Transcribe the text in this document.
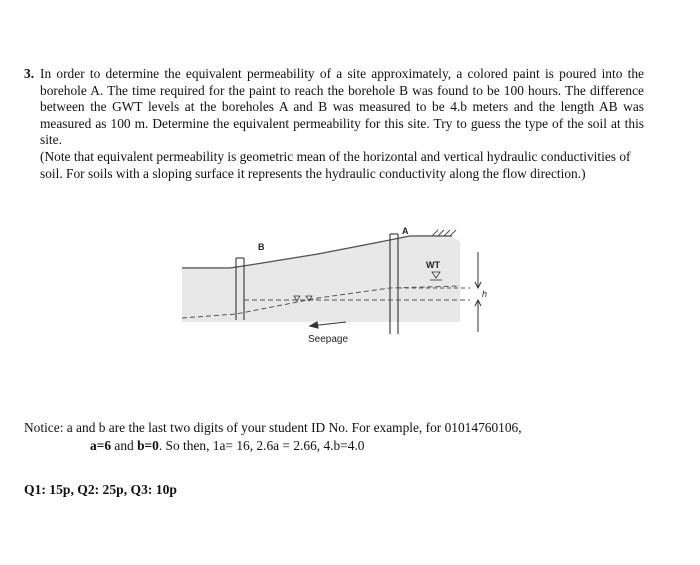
3. In order to determine the equivalent permeability of a site approximately, a colored paint is poured into the borehole A. The time required for the paint to reach the borehole B was found to be 100 hours. The difference between the GWT levels at the boreholes A and B was measured to be 4.b meters and the length AB was measured as 100 m. Determine the equivalent permeability for this site. Try to guess the type of the soil at this site.
(Note that equivalent permeability is geometric mean of the horizontal and vertical hydraulic conductivities of soil. For soils with a sloping surface it represents the hydraulic conductivity along the flow direction.)
B
A
WT
h
Seepage
Notice: a and b are the last two digits of your student ID No. For example, for 01014760106,
a=6 and b=0. So then, 1a= 16, 2.6a = 2.66, 4.b=4.0
Q1: 15p, Q2: 25p, Q3: 10p
